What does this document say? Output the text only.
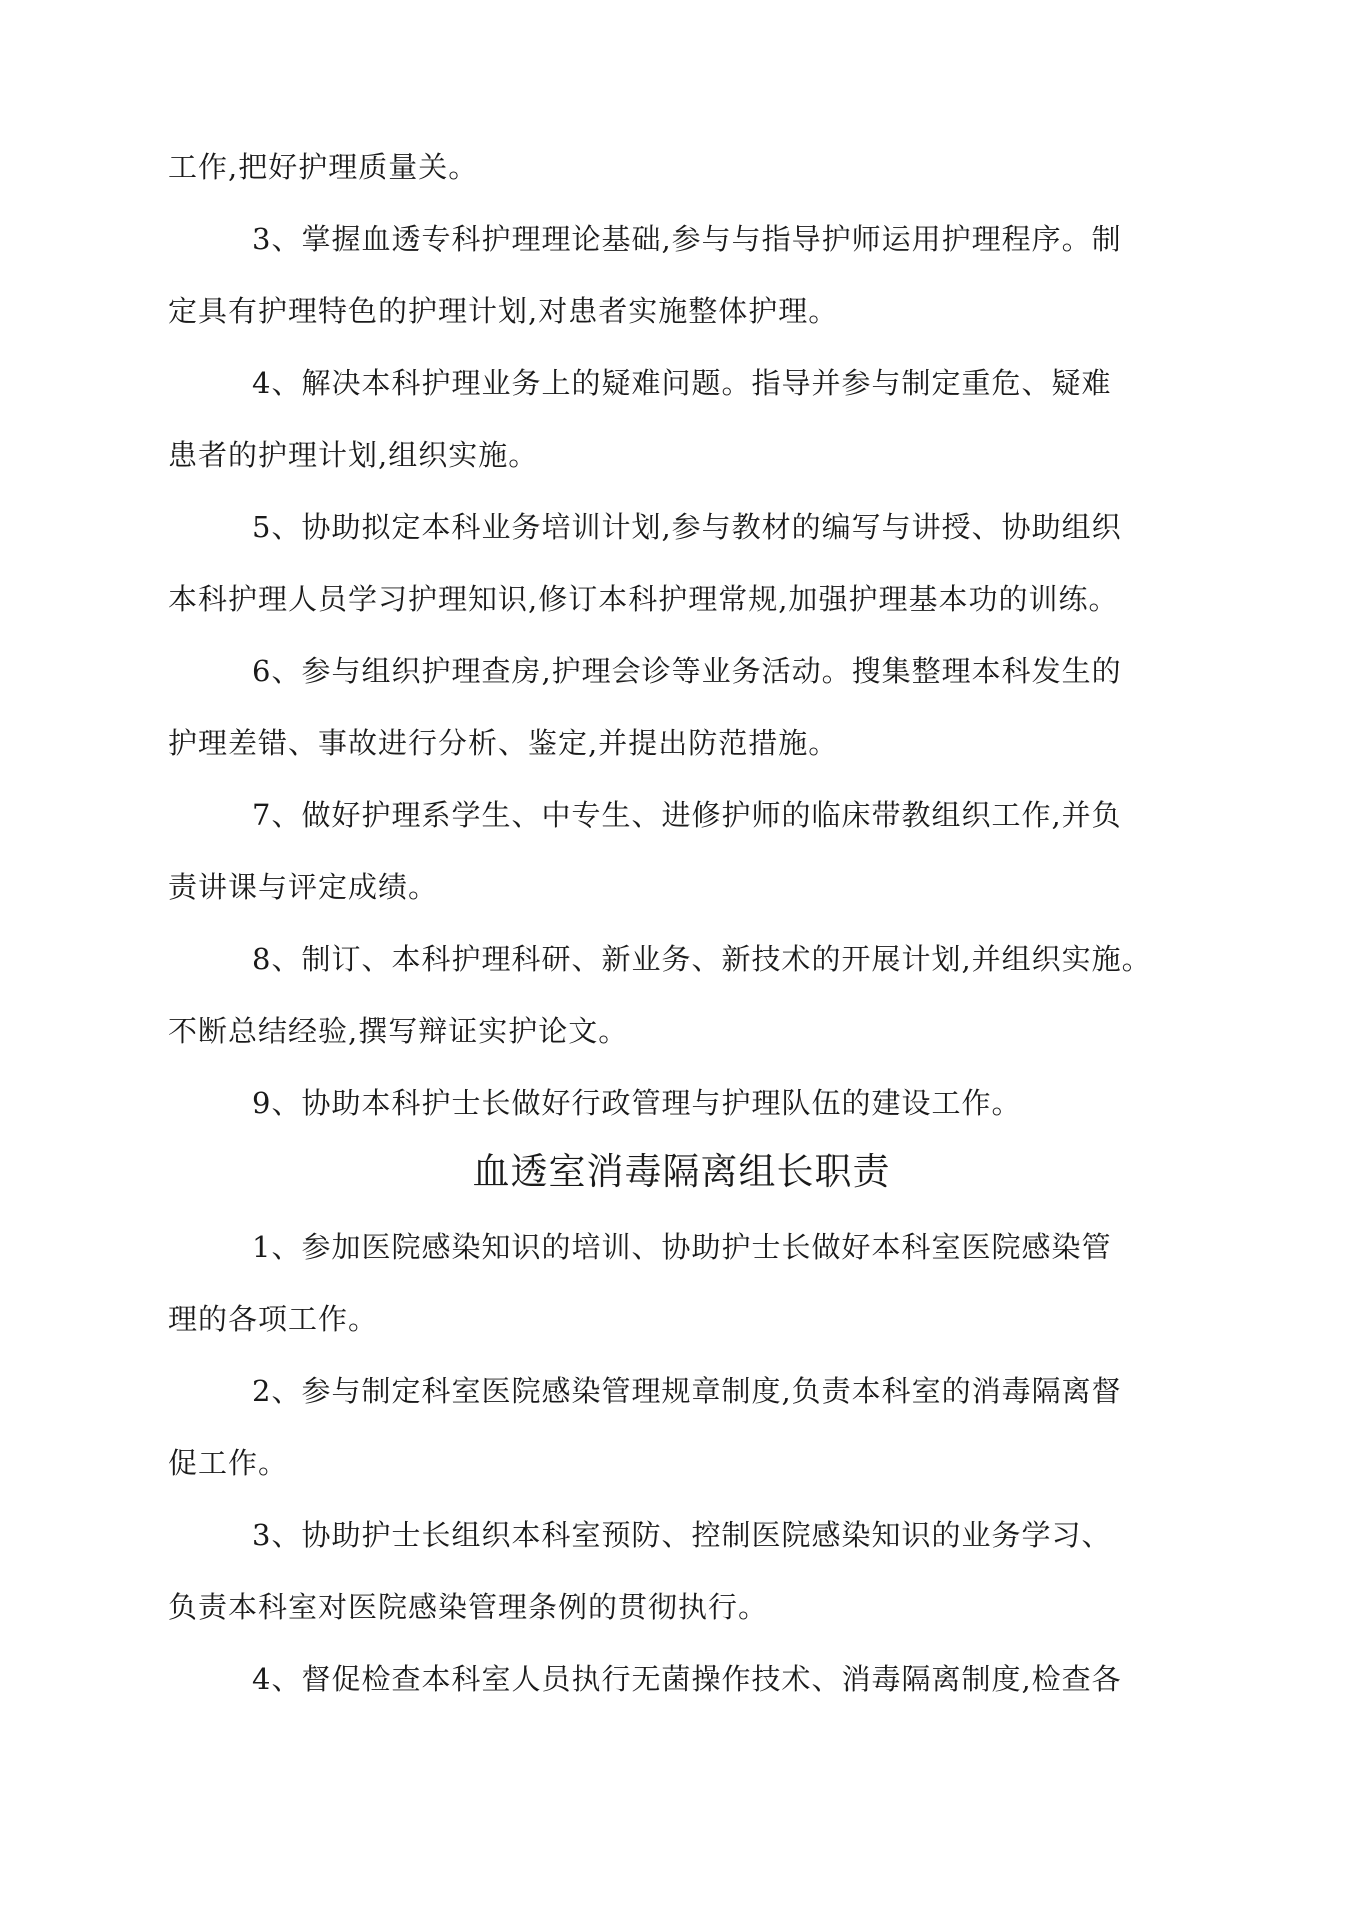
工作,把好护理质量关。
3、掌握血透专科护理理论基础,参与与指导护师运用护理程序。制
定具有护理特色的护理计划,对患者实施整体护理。
4、解决本科护理业务上的疑难问题。指导并参与制定重危、疑难
患者的护理计划,组织实施。
5、协助拟定本科业务培训计划,参与教材的编写与讲授、协助组织
本科护理人员学习护理知识,修订本科护理常规,加强护理基本功的训练。
6、参与组织护理查房,护理会诊等业务活动。搜集整理本科发生的
护理差错、事故进行分析、鉴定,并提出防范措施。
7、做好护理系学生、中专生、进修护师的临床带教组织工作,并负
责讲课与评定成绩。
8、制订、本科护理科研、新业务、新技术的开展计划,并组织实施。
不断总结经验,撰写辩证实护论文。
9、协助本科护士长做好行政管理与护理队伍的建设工作。
血透室消毒隔离组长职责
1、参加医院感染知识的培训、协助护士长做好本科室医院感染管
理的各项工作。
2、参与制定科室医院感染管理规章制度,负责本科室的消毒隔离督
促工作。
3、协助护士长组织本科室预防、控制医院感染知识的业务学习、
负责本科室对医院感染管理条例的贯彻执行。
4、督促检查本科室人员执行无菌操作技术、消毒隔离制度,检查各
